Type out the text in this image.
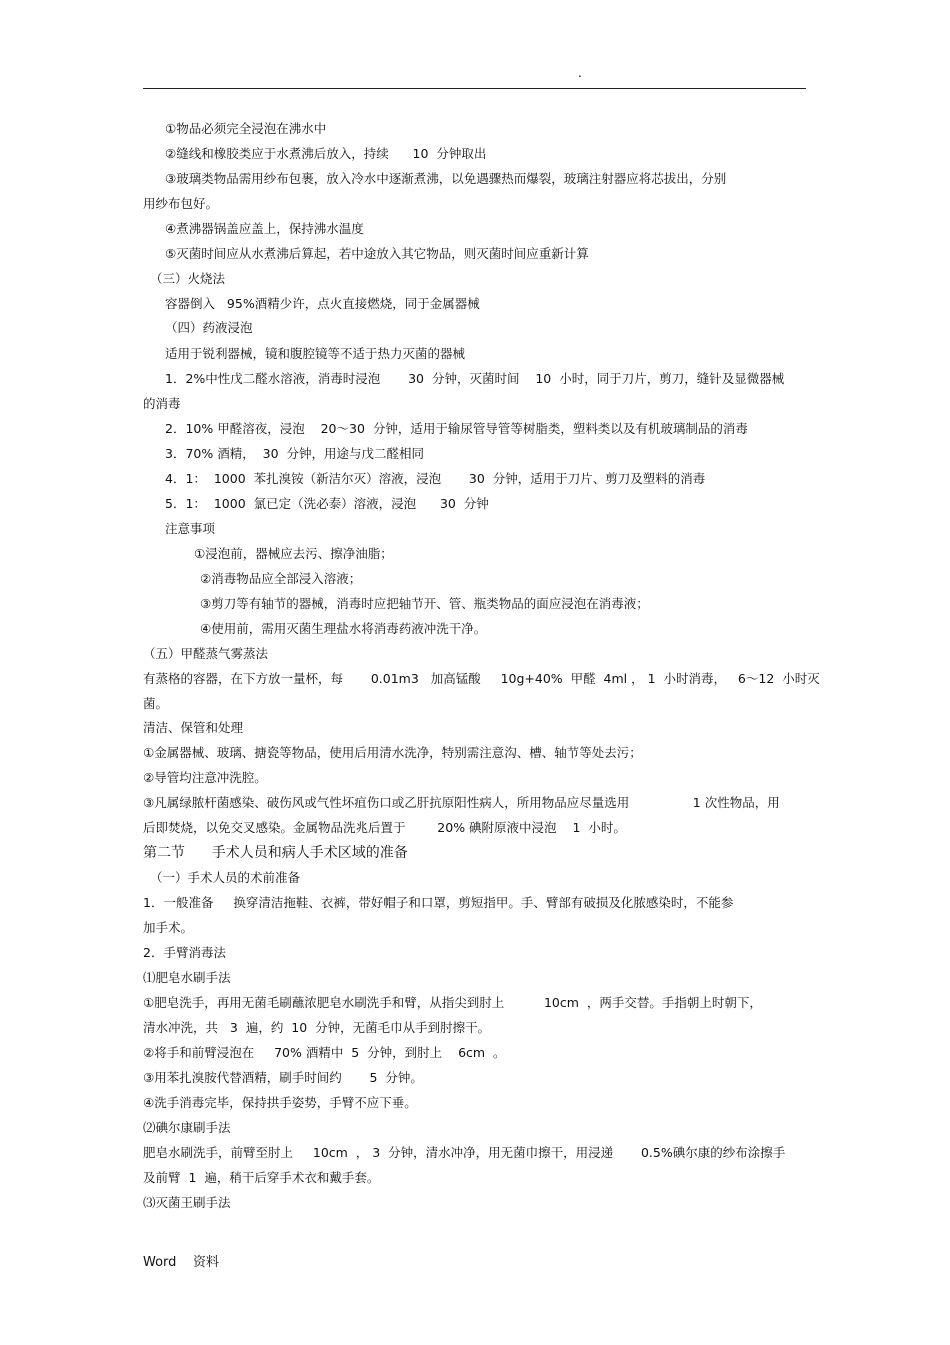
.
①物品必须完全浸泡在沸水中
②缝线和橡胶类应于水煮沸后放入，持续      10  分钟取出
③玻璃类物品需用纱布包裹，放入冷水中逐渐煮沸，以免遇骤热而爆裂，玻璃注射器应将芯拔出，分别
用纱布包好。
④煮沸器锅盖应盖上，保持沸水温度
⑤灭菌时间应从水煮沸后算起，若中途放入其它物品，则灭菌时间应重新计算
（三）火烧法
容器倒入   95%酒精少许，点火直接燃烧，同于金属器械
（四）药液浸泡
适用于锐利器械，镜和腹腔镜等不适于热力灭菌的器械
1．2%中性戊二醛水溶液，消毒时浸泡       30  分钟，灭菌时间    10  小时，同于刀片，剪刀，缝针及显微器械
的消毒
2．10% 甲醛溶夜，浸泡    20～30  分钟，适用于输尿管导管等树脂类，塑料类以及有机玻璃制品的消毒
3．70% 酒精，  30  分钟，用途与戊二醛相同
4．1：  1000  苯扎溴铵（新洁尔灭）溶液，浸泡       30  分钟，适用于刀片、剪刀及塑料的消毒
5．1：  1000  氯已定（洗必泰）溶液，浸泡      30  分钟
注意事项
①浸泡前，器械应去污、擦净油脂；
②消毒物品应全部浸入溶液；
③剪刀等有轴节的器械，消毒时应把轴节开、管、瓶类物品的面应浸泡在消毒液；
④使用前，需用灭菌生理盐水将消毒药液冲洗干净。
（五）甲醛蒸气雾蒸法
有蒸格的容器，在下方放一量杯，每       0.01m3   加高锰酸     10g+40%  甲醛  4ml ， 1  小时消毒，   6～12  小时灭
菌。
清洁、保管和处理
①金属器械、玻璃、搪瓷等物品，使用后用清水洗净，特别需注意沟、槽、轴节等处去污；
②导管均注意冲洗腔。
③凡属绿脓杆菌感染、破伤风或气性坏疽伤口或乙肝抗原阳性病人，所用物品应尽量选用                1 次性物品，用
后即焚烧，以免交叉感染。金属物品洗兆后置于        20% 碘附原液中浸泡    1  小时。
第二节      手术人员和病人手术区域的准备
（一）手术人员的术前准备
1．一般准备     换穿清洁拖鞋、衣裤，带好帽子和口罩，剪短指甲。手、臂部有破损及化脓感染时，不能参
加手术。
2．手臂消毒法
⑴肥皂水刷手法
①肥皂洗手，再用无菌毛刷蘸浓肥皂水刷洗手和臂，从指尖到肘上          10cm  ，两手交替。手指朝上时朝下，
清水冲洗，共   3  遍，约  10  分钟，无菌毛巾从手到肘擦干。
②将手和前臂浸泡在     70% 酒精中  5  分钟，到肘上    6cm  。
③用苯扎溴胺代替酒精，刷手时间约       5  分钟。
④洗手消毒完毕，保持拱手姿势，手臂不应下垂。
⑵碘尔康刷手法
肥皂水刷洗手，前臂至肘上     10cm  ， 3  分钟，清水冲净，用无菌巾擦干，用浸递       0.5%碘尔康的纱布涂擦手
及前臂  1  遍，稍干后穿手术衣和戴手套。
⑶灭菌王刷手法
Word    资料
